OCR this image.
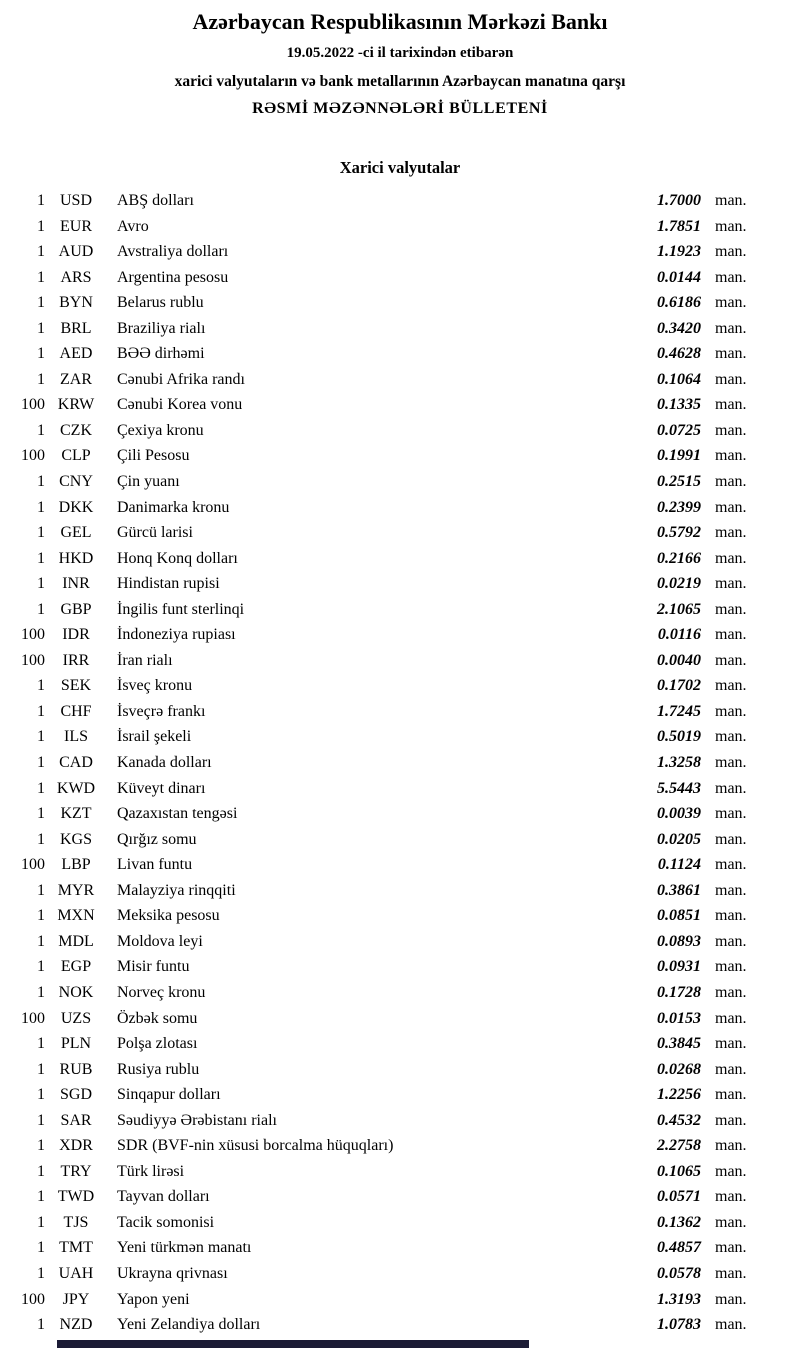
Azərbaycan Respublikasının Mərkəzi Bankı
19.05.2022 -ci il tarixindən etibarən
xarici valyutaların və bank metallarının Azərbaycan manatına qarşı
RƏSMİ MƏZƏNNƏLƏRİ BÜLLETENİ
Xarici valyutalar
1 USD	ABŞ dolları	1.7000 man.
1 EUR	Avro	1.7851 man.
1 AUD	Avstraliya dolları	1.1923 man.
1 ARS	Argentina pesosu	0.0144 man.
1 BYN	Belarus rublu	0.6186 man.
1 BRL	Braziliya rialı	0.3420 man.
1 AED	BƏƏ dirhəmi	0.4628 man.
1 ZAR	Cənubi Afrika randı	0.1064 man.
100 KRW	Cənubi Korea vonu	0.1335 man.
1 CZK	Çexiya kronu	0.0725 man.
100	CLP	Çili Pesosu	0.1991 man.
1 CNY	Çin yuanı	0.2515 man.
1 DKK	Danimarka kronu	0.2399 man.
1 GEL	Gürcü larisi	0.5792 man.
1 HKD	Honq Konq dolları	0.2166 man.
1	INR	Hindistan rupisi	0.0219 man.
1 GBP	İngilis funt sterlinqi	2.1065 man.
100	IDR	İndoneziya rupiası	0.0116 man.
100	IRR	İran rialı	0.0040 man.
1 SEK	İsveç kronu	0.1702 man.
1 CHF	İsveçrə frankı	1.7245 man.
1	ILS	İsrail şekeli	0.5019 man.
1 CAD	Kanada dolları	1.3258 man.
1 KWD	Küveyt dinarı	5.5443 man.
1 KZT	Qazaxıstan tengəsi	0.0039 man.
1 KGS	Qırğız somu	0.0205 man.
100	LBP	Livan funtu	0.1124 man.
1 MYR	Malayziya rinqqiti	0.3861 man.
1 MXN	Meksika pesosu	0.0851 man.
1 MDL	Moldova leyi	0.0893 man.
1 EGP	Misir funtu	0.0931 man.
1 NOK	Norveç kronu	0.1728 man.
100 UZS	Özbək somu	0.0153 man.
1 PLN	Polşa zlotası	0.3845 man.
1 RUB	Rusiya rublu	0.0268 man.
1 SGD	Sinqapur dolları	1.2256 man.
1 SAR	Səudiyyə Ərəbistanı rialı	0.4532 man.
1 XDR	SDR (BVF-nin xüsusi borcalma hüquqları)	2.2758 man.
1 TRY	Türk lirəsi	0.1065 man.
1 TWD	Tayvan dolları	0.0571 man.
1	TJS	Tacik somonisi	0.1362 man.
1 TMT	Yeni türkmən manatı	0.4857 man.
1 UAH	Ukrayna qrivnası	0.0578 man.
100	JPY	Yapon yeni	1.3193 man.
1 NZD	Yeni Zelandiya dolları	1.0783 man.
